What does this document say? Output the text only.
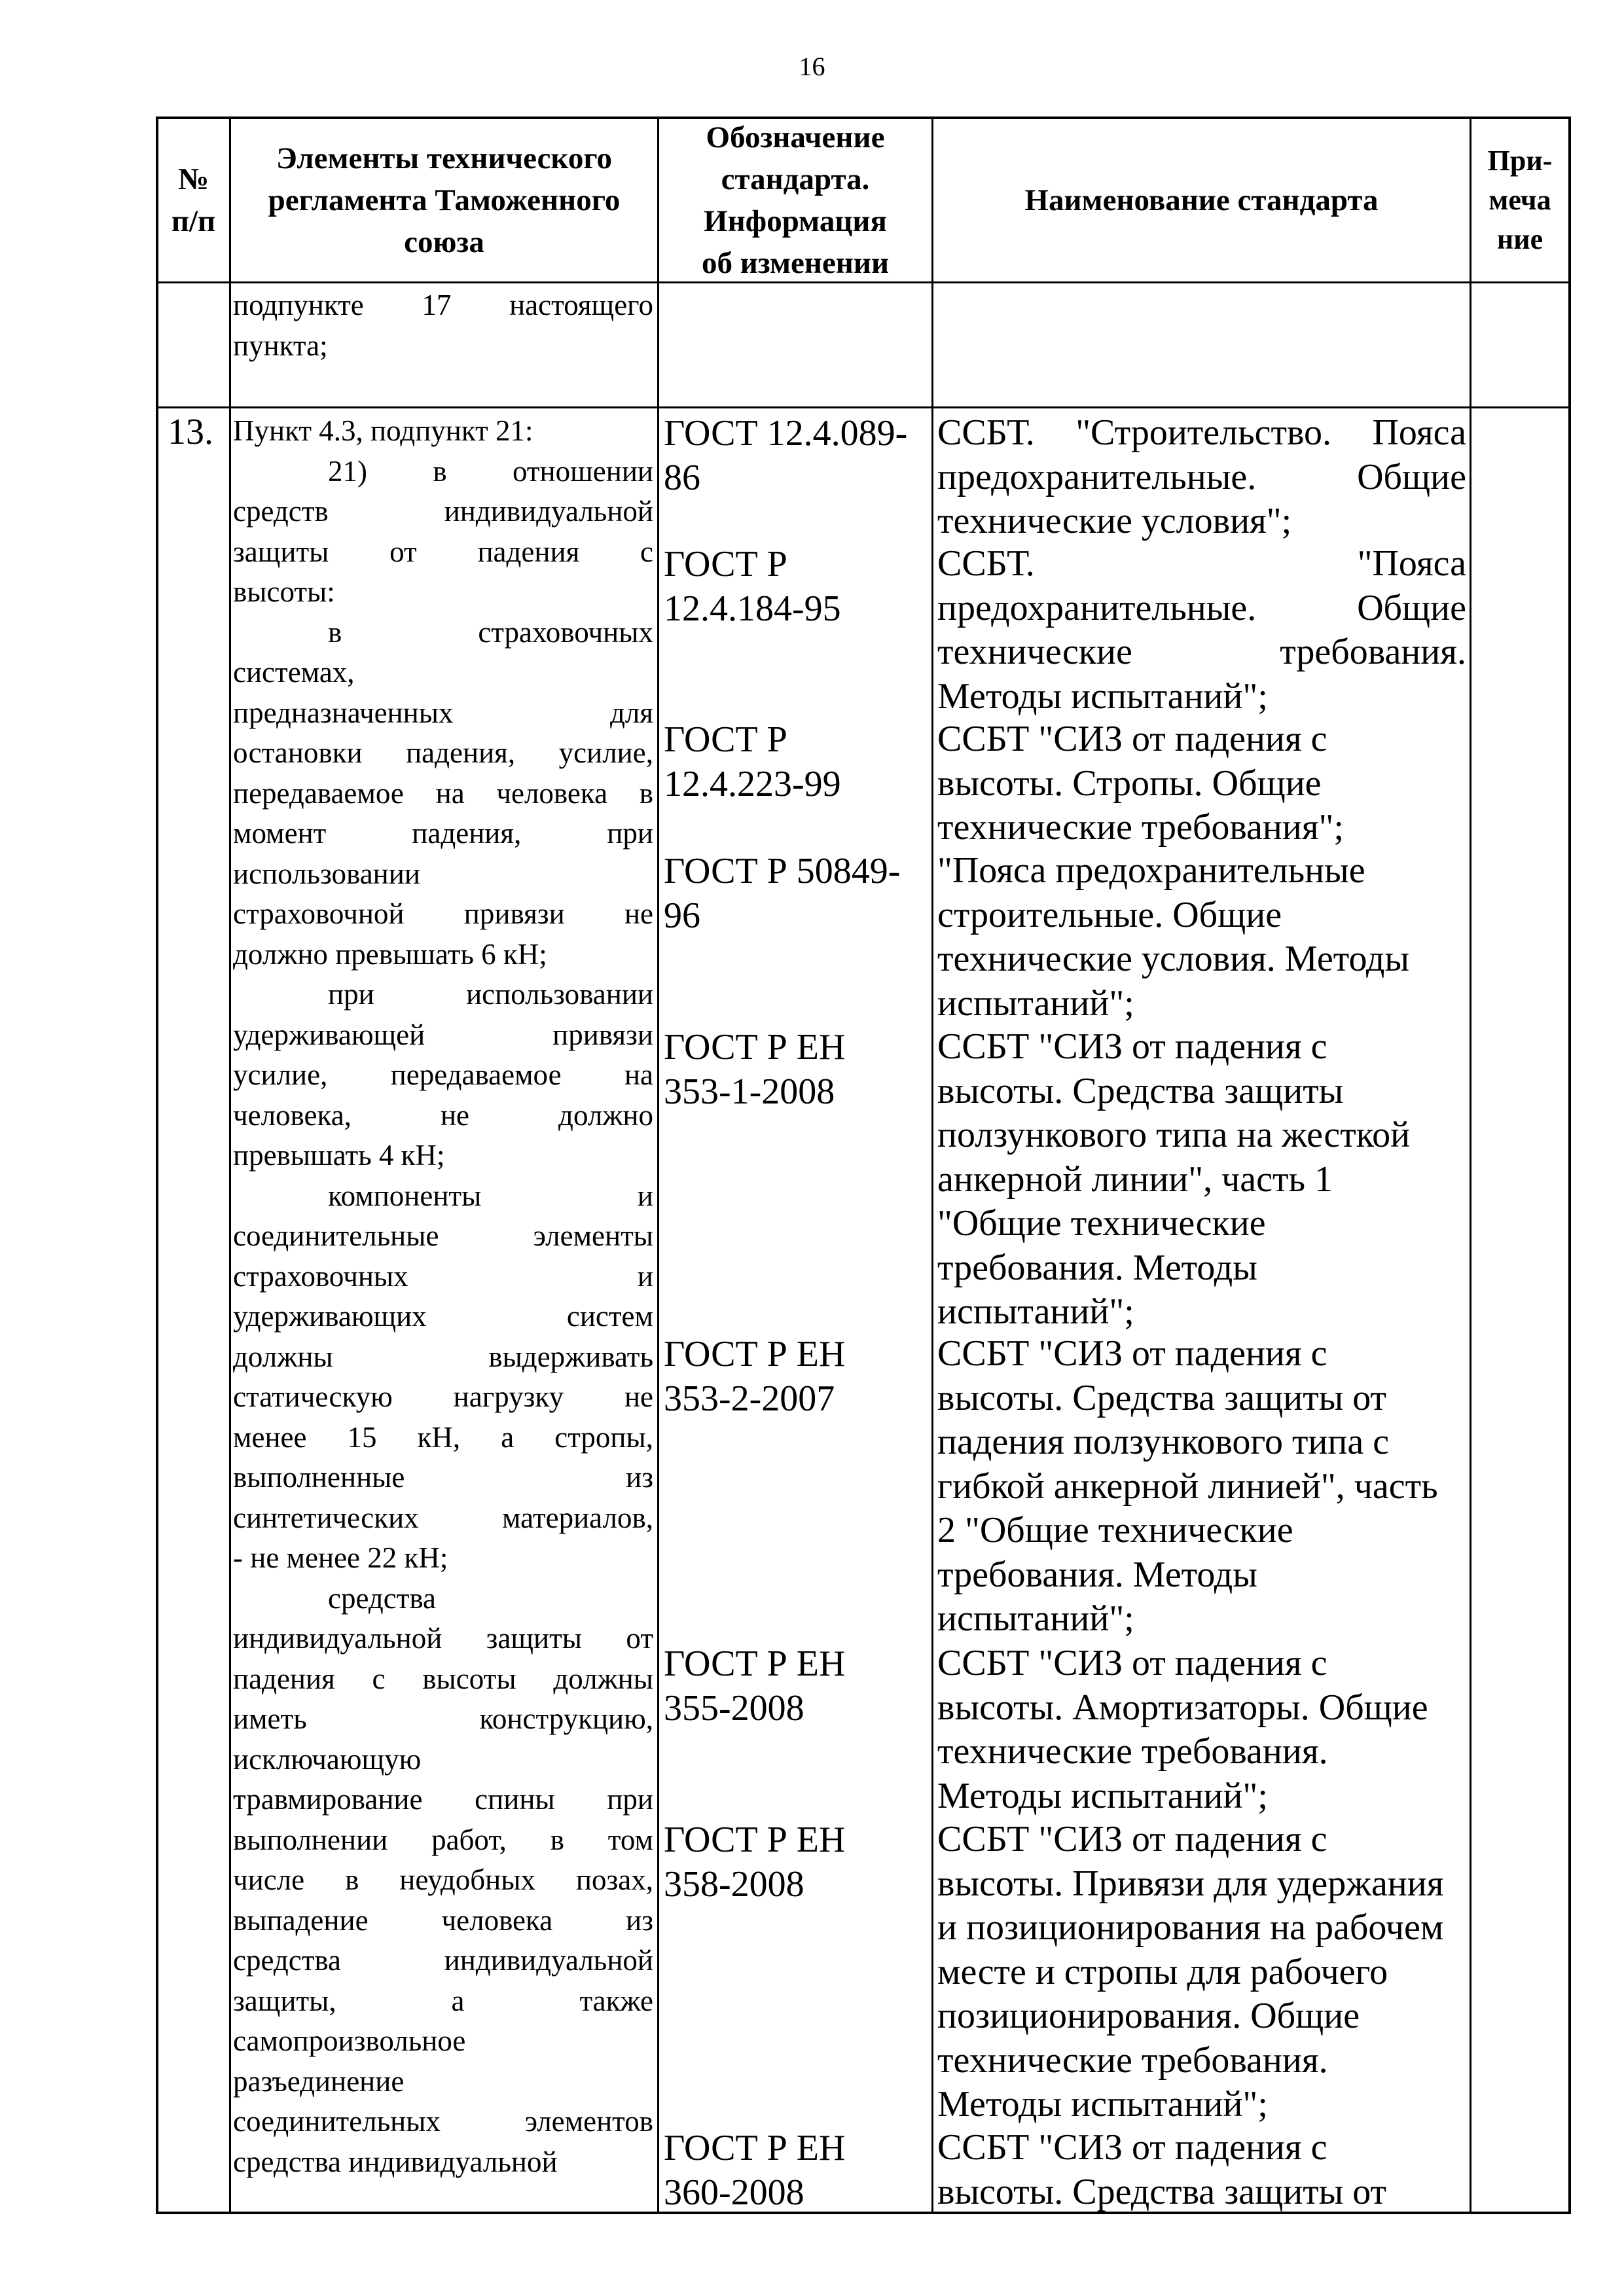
16
№
п/п
Элементы технического
регламента Таможенного
союза
Обозначение
стандарта.
Информация
об изменении
Наименование стандарта
При-
меча
ние
подпункте 17 настоящего
пункта;
13. Пункт 4.3, подпункт 21:
21) в отношении
средств индивидуальной
защиты от падения с
высоты:
в страховочных
системах,
предназначенных для
остановки падения, усилие,
передаваемое на человека в
момент падения, при
использовании
страховочной привязи не
должно превышать 6 кН;
при использовании
удерживающей привязи
усилие, передаваемое на
человека, не должно
превышать 4 кН;
компоненты и
соединительные элементы
страховочных и
удерживающих систем
должны выдерживать
статическую нагрузку не
менее 15 кН, а стропы,
выполненные из
синтетических материалов,
- не менее 22 кН;
средства
индивидуальной защиты от
падения с высоты должны
иметь конструкцию,
исключающую
травмирование спины при
выполнении работ, в том
числе в неудобных позах,
выпадение человека из
средства индивидуальной
защиты, а также
самопроизвольное
разъединение
соединительных элементов
средства индивидуальной
ГОСТ 12.4.089-
86
ССБТ. "Строительство. Пояса
предохранительные. Общие
технические условия";
ГОСТ Р
12.4.184-95
ССБТ. "Пояса
предохранительные. Общие
технические требования.
Методы испытаний";
ГОСТ Р
12.4.223-99
ССБТ "СИЗ от падения с
высоты. Стропы. Общие
технические требования";
ГОСТ Р 50849-
96
"Пояса предохранительные
строительные. Общие
технические условия. Методы
испытаний";
ГОСТ Р ЕН
353-1-2008
ССБТ "СИЗ от падения с
высоты. Средства защиты
ползункового типа на жесткой
анкерной линии", часть 1
"Общие технические
требования. Методы
испытаний";
ГОСТ Р ЕН
353-2-2007
ССБТ "СИЗ от падения с
высоты. Средства защиты от
падения ползункового типа с
гибкой анкерной линией", часть
2 "Общие технические
требования. Методы
испытаний";
ГОСТ Р ЕН
355-2008
ССБТ "СИЗ от падения с
высоты. Амортизаторы. Общие
технические требования.
Методы испытаний";
ГОСТ Р ЕН
358-2008
ССБТ "СИЗ от падения с
высоты. Привязи для удержания
и позиционирования на рабочем
месте и стропы для рабочего
позиционирования. Общие
технические требования.
Методы испытаний";
ГОСТ Р ЕН
360-2008
ССБТ "СИЗ от падения с
высоты. Средства защиты от
